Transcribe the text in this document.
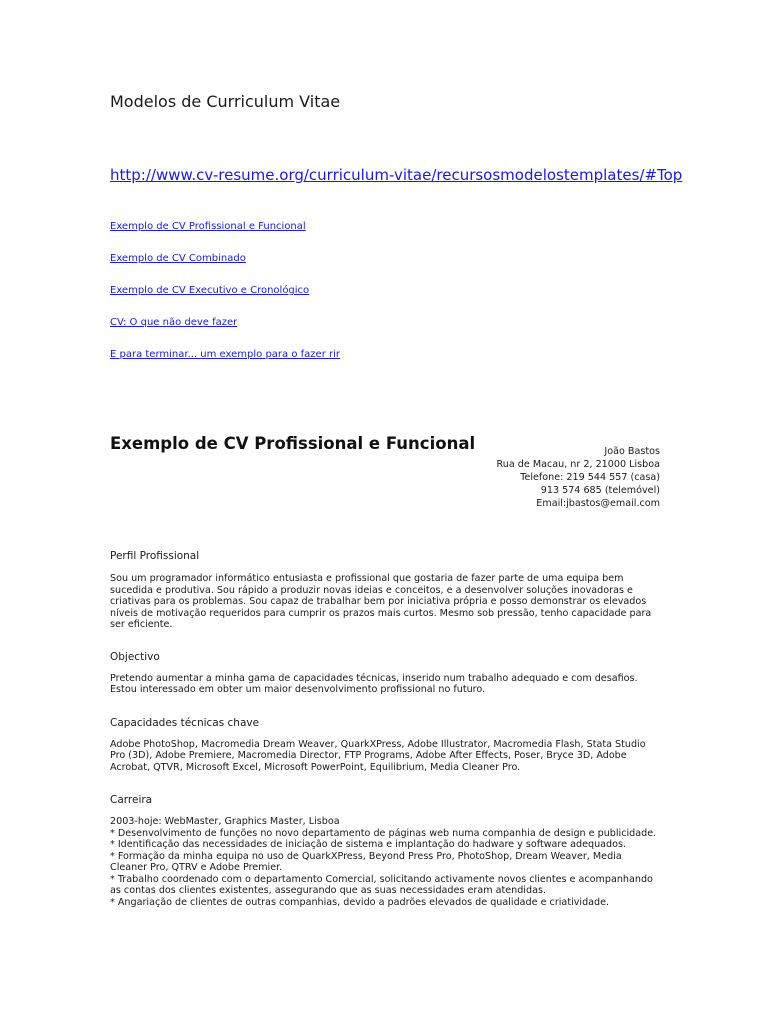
Modelos de Curriculum Vitae
http://www.cv-resume.org/curriculum-vitae/recursosmodelostemplates/#Top
Exemplo de CV Profissional e Funcional
Exemplo de CV Combinado
Exemplo de CV Executivo e Cronológico
CV: O que não deve fazer
E para terminar... um exemplo para o fazer rir
Exemplo de CV Profissional e Funcional	João Bastos
Rua de Macau, nr 2, 21000 Lisboa
Telefone: 219 544 557 (casa)
913 574 685 (telemóvel)
Email:jbastos@email.com
Perfil Profissional

Sou um programador informático entusiasta e profissional que gostaria de fazer parte de uma equipa bem sucedida e produtiva. Sou rápido a produzir novas ideias e conceitos, e a desenvolver soluções inovadoras e criativas para os problemas. Sou capaz de trabalhar bem por iniciativa própria e posso demonstrar os elevados níveis de motivação requeridos para cumprir os prazos mais curtos. Mesmo sob pressão, tenho capacidade para ser eficiente.

Objectivo

Pretendo aumentar a minha gama de capacidades técnicas, inserido num trabalho adequado e com desafios. Estou interessado em obter um maior desenvolvimento profissional no futuro.

Capacidades técnicas chave

Adobe PhotoShop, Macromedia Dream Weaver, QuarkXPress, Adobe Illustrator, Macromedia Flash, Stata Studio Pro (3D), Adobe Premiere, Macromedia Director, FTP Programs, Adobe After Effects, Poser, Bryce 3D, Adobe Acrobat, QTVR, Microsoft Excel, Microsoft PowerPoint, Equilibrium, Media Cleaner Pro.

Carreira

2003-hoje: WebMaster, Graphics Master, Lisboa

* Desenvolvimento de funções no novo departamento de páginas web numa companhia de design e publicidade.

* Identificação das necessidades de iniciação de sistema e implantação do hadware y software adequados.

* Formação da minha equipa no uso de QuarkXPress, Beyond Press Pro, PhotoShop, Dream Weaver, Media Cleaner Pro, QTRV e Adobe Premier.

* Trabalho coordenado com o departamento Comercial, solicitando activamente novos clientes e acompanhando as contas dos clientes existentes, assegurando que as suas necessidades eram atendidas.

* Angariação de clientes de outras companhias, devido a padrões elevados de qualidade e criatividade.
